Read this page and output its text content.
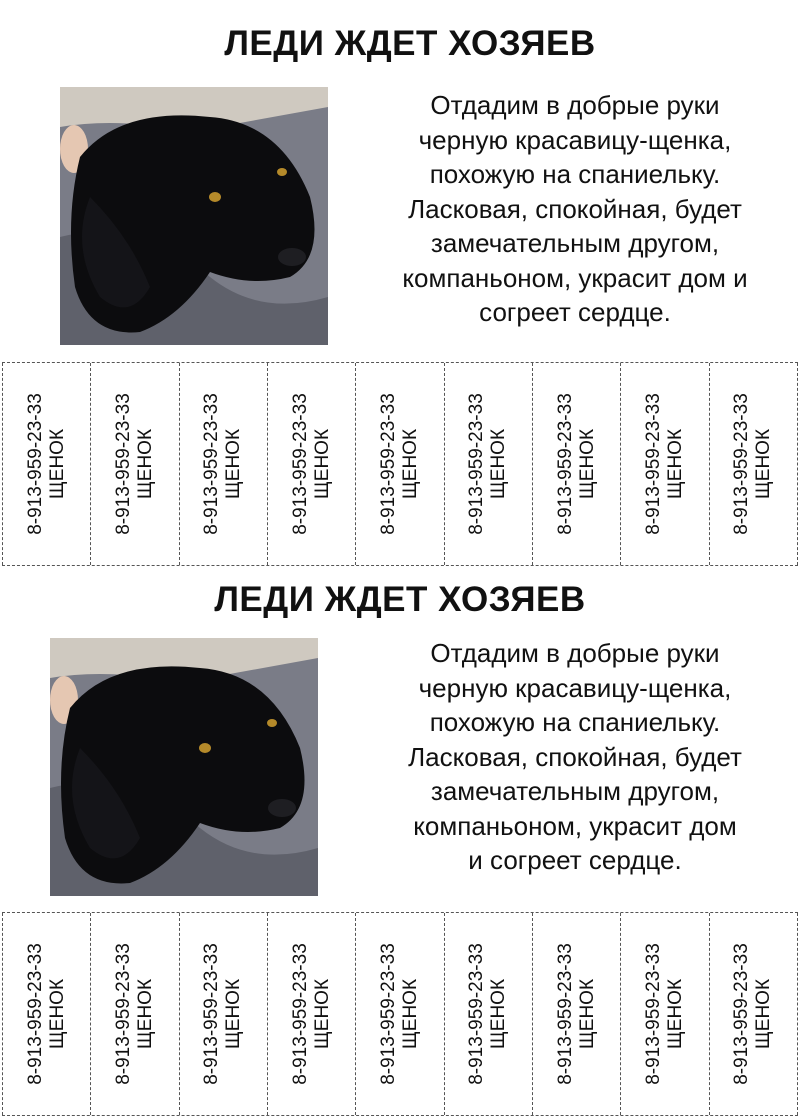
ЛЕДИ ЖДЕТ ХОЗЯЕВ

Отдадим в добрые руки
черную красавицу-щенка,
похожую на спаниельку.
Ласковая, спокойная, будет
замечательным другом,
компаньоном, украсит дом и
согреет сердце.

8-913-959-23-33 ЩЕНОК 8-913-959-23-33 ЩЕНОК 8-913-959-23-33 ЩЕНОК 8-913-959-23-33 ЩЕНОК 8-913-959-23-33 ЩЕНОК 8-913-959-23-33 ЩЕНОК 8-913-959-23-33 ЩЕНОК 8-913-959-23-33 ЩЕНОК 8-913-959-23-33 ЩЕНОК
ЛЕДИ ЖДЕТ ХОЗЯЕВ

Отдадим в добрые руки
черную красавицу-щенка,
похожую на спаниельку.
Ласковая, спокойная, будет
замечательным другом,
компаньоном, украсит дом
и согреет сердце.

8-913-959-23-33 ЩЕНОК 8-913-959-23-33 ЩЕНОК 8-913-959-23-33 ЩЕНОК 8-913-959-23-33 ЩЕНОК 8-913-959-23-33 ЩЕНОК 8-913-959-23-33 ЩЕНОК 8-913-959-23-33 ЩЕНОК 8-913-959-23-33 ЩЕНОК 8-913-959-23-33 ЩЕНОК
